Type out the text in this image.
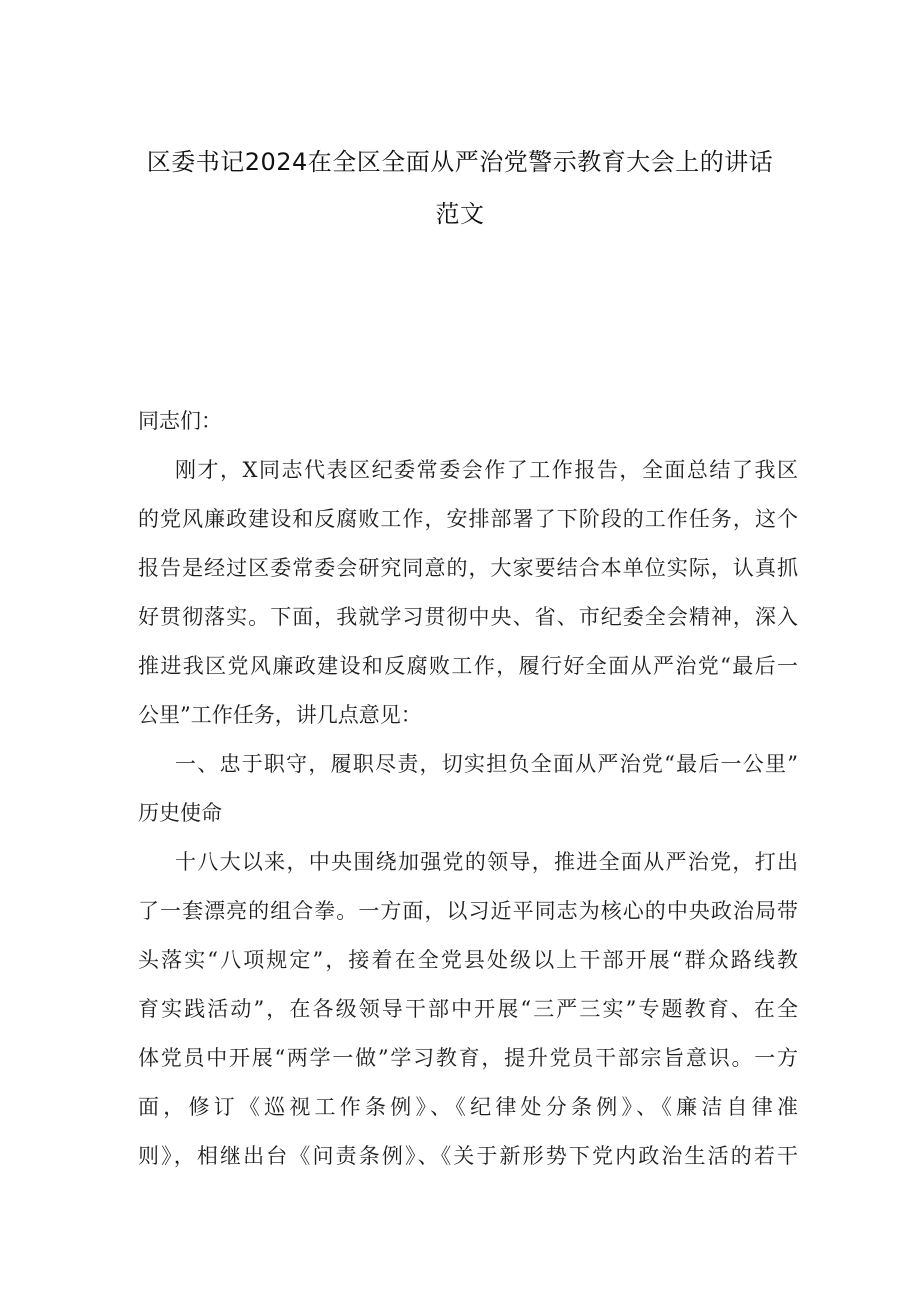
区委书记2024在全区全面从严治党警示教育大会上的讲话
范文
同志们：
刚才，X同志代表区纪委常委会作了工作报告，全面总结了我区
的党风廉政建设和反腐败工作，安排部署了下阶段的工作任务，这个
报告是经过区委常委会研究同意的，大家要结合本单位实际，认真抓
好贯彻落实。下面，我就学习贯彻中央、省、市纪委全会精神，深入
推进我区党风廉政建设和反腐败工作，履行好全面从严治党“最后一
公里”工作任务，讲几点意见：
一、忠于职守，履职尽责，切实担负全面从严治党“最后一公里”
历史使命
十八大以来，中央围绕加强党的领导，推进全面从严治党，打出
了一套漂亮的组合拳。一方面，以习近平同志为核心的中央政治局带
头落实“八项规定”，接着在全党县处级以上干部开展“群众路线教
育实践活动”，在各级领导干部中开展“三严三实”专题教育、在全
体党员中开展“两学一做”学习教育，提升党员干部宗旨意识。一方
面，修订《巡视工作条例》、《纪律处分条例》、《廉洁自律准
则》，相继出台《问责条例》、《关于新形势下党内政治生活的若干
